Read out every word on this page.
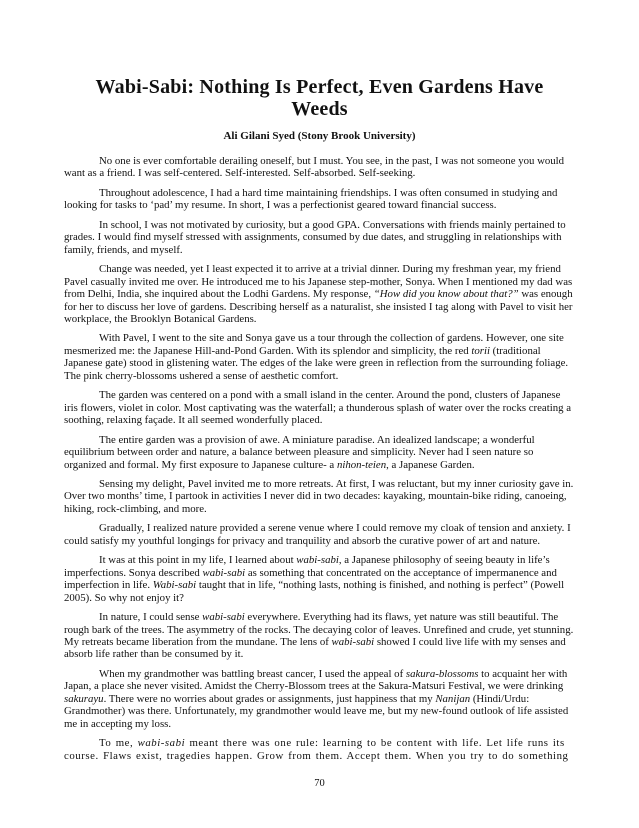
Wabi-Sabi: Nothing Is Perfect, Even Gardens Have Weeds
Ali Gilani Syed (Stony Brook University)

No one is ever comfortable derailing oneself, but I must. You see, in the past, I was not someone you would want as a friend. I was self-centered. Self-interested. Self-absorbed. Self-seeking.

Throughout adolescence, I had a hard time maintaining friendships. I was often consumed in studying and looking for tasks to ‘pad’ my resume. In short, I was a perfectionist geared toward financial success.

In school, I was not motivated by curiosity, but a good GPA. Conversations with friends mainly pertained to grades. I would find myself stressed with assignments, consumed by due dates, and struggling in relationships with family, friends, and myself.

Change was needed, yet I least expected it to arrive at a trivial dinner. During my freshman year, my friend Pavel casually invited me over. He introduced me to his Japanese step-mother, Sonya. When I mentioned my dad was from Delhi, India, she inquired about the Lodhi Gardens. My response, “How did you know about that?” was enough for her to discuss her love of gardens. Describing herself as a naturalist, she insisted I tag along with Pavel to visit her workplace, the Brooklyn Botanical Gardens.

With Pavel, I went to the site and Sonya gave us a tour through the collection of gardens. However, one site mesmerized me: the Japanese Hill-and-Pond Garden. With its splendor and simplicity, the red torii (traditional Japanese gate) stood in glistening water. The edges of the lake were green in reflection from the surrounding foliage. The pink cherry-blossoms ushered a sense of aesthetic comfort.

The garden was centered on a pond with a small island in the center. Around the pond, clusters of Japanese iris flowers, violet in color. Most captivating was the waterfall; a thunderous splash of water over the rocks creating a soothing, relaxing façade. It all seemed wonderfully placed.

The entire garden was a provision of awe. A miniature paradise. An idealized landscape; a wonderful equilibrium between order and nature, a balance between pleasure and simplicity. Never had I seen nature so organized and formal. My first exposure to Japanese culture- a nihon-teien, a Japanese Garden.

Sensing my delight, Pavel invited me to more retreats. At first, I was reluctant, but my inner curiosity gave in. Over two months’ time, I partook in activities I never did in two decades: kayaking, mountain-bike riding, canoeing, hiking, rock-climbing, and more.

Gradually, I realized nature provided a serene venue where I could remove my cloak of tension and anxiety. I could satisfy my youthful longings for privacy and tranquility and absorb the curative power of art and nature.

It was at this point in my life, I learned about wabi-sabi, a Japanese philosophy of seeing beauty in life’s imperfections. Sonya described wabi-sabi as something that concentrated on the acceptance of impermanence and imperfection in life. Wabi-sabi taught that in life, “nothing lasts, nothing is finished, and nothing is perfect” (Powell 2005). So why not enjoy it?

In nature, I could sense wabi-sabi everywhere. Everything had its flaws, yet nature was still beautiful. The rough bark of the trees. The asymmetry of the rocks. The decaying color of leaves. Unrefined and crude, yet stunning. My retreats became liberation from the mundane. The lens of wabi-sabi showed I could live life with my senses and absorb life rather than be consumed by it.

When my grandmother was battling breast cancer, I used the appeal of sakura-blossoms to acquaint her with Japan, a place she never visited. Amidst the Cherry-Blossom trees at the Sakura-Matsuri Festival, we were drinking sakurayu. There were no worries about grades or assignments, just happiness that my Nanijan (Hindi/Urdu: Grandmother) was there. Unfortunately, my grandmother would leave me, but my new-found outlook of life assisted me in accepting my loss.

To me, wabi-sabi meant there was one rule: learning to be content with life. Let life runs its course. Flaws exist, tragedies happen. Grow from them. Accept them. When you try to do something

70
